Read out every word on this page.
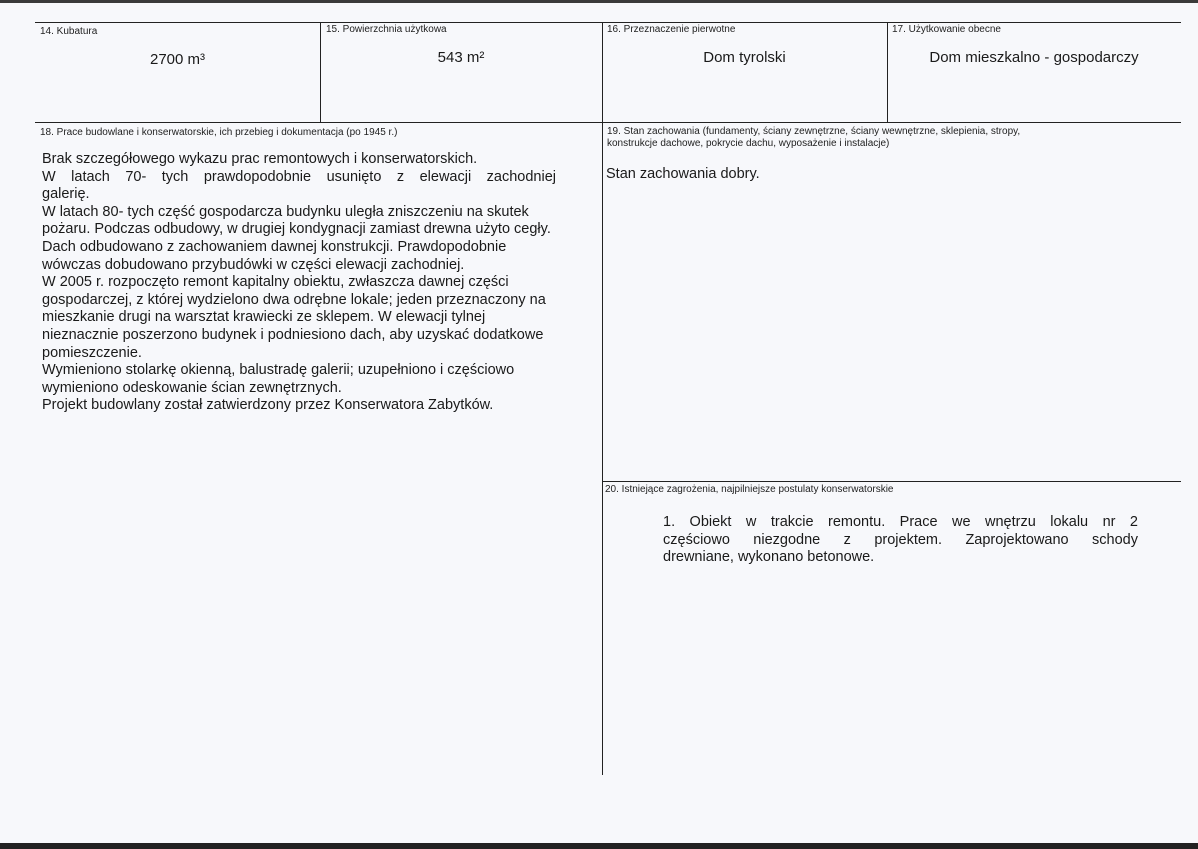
14. Kubatura
2700 m³
15. Powierzchnia użytkowa
543 m²
16. Przeznaczenie pierwotne
Dom tyrolski
17. Użytkowanie obecne
Dom mieszkalno - gospodarczy
18. Prace budowlane i konserwatorskie, ich przebieg i dokumentacja (po 1945 r.)
Brak szczegółowego wykazu prac remontowych i konserwatorskich.
W latach 70- tych prawdopodobnie usunięto z elewacji zachodniej
galerię.
W latach 80- tych część gospodarcza budynku uległa zniszczeniu na skutek
pożaru. Podczas odbudowy, w drugiej kondygnacji zamiast drewna użyto cegły.
Dach odbudowano z zachowaniem dawnej konstrukcji. Prawdopodobnie
wówczas dobudowano przybudówki w części elewacji zachodniej.
W 2005 r. rozpoczęto remont kapitalny obiektu, zwłaszcza dawnej części
gospodarczej, z której wydzielono dwa odrębne lokale; jeden przeznaczony na
mieszkanie drugi na warsztat krawiecki ze sklepem. W elewacji tylnej
nieznacznie poszerzono budynek i podniesiono dach, aby uzyskać dodatkowe
pomieszczenie.
Wymieniono stolarkę okienną, balustradę galerii; uzupełniono i częściowo
wymieniono odeskowanie ścian zewnętrznych.
Projekt budowlany został zatwierdzony przez Konserwatora Zabytków.
19. Stan zachowania (fundamenty, ściany zewnętrzne, ściany wewnętrzne, sklepienia, stropy,
konstrukcje dachowe, pokrycie dachu, wyposażenie i instalacje)
Stan zachowania dobry.
20. Istniejące zagrożenia, najpilniejsze postulaty konserwatorskie
1. Obiekt w trakcie remontu. Prace we wnętrzu lokalu nr 2
częściowo niezgodne z projektem. Zaprojektowano schody
drewniane, wykonano betonowe.
